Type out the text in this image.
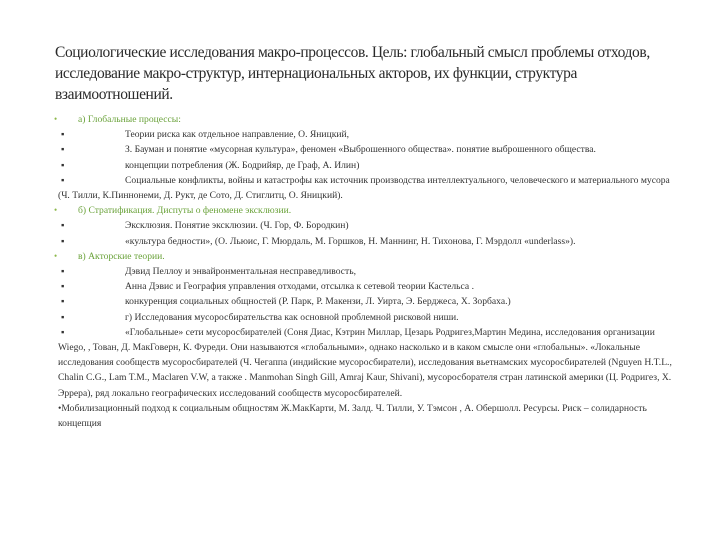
Социологические исследования макро-процессов. Цель: глобальный смысл проблемы отходов, исследование макро-структур, интернациональных акторов, их функции, структура взаимоотношений.
• а) Глобальные процессы:
▪	Теории риска как отдельное направление, О. Яницкий,
▪	З. Бауман и понятие «мусорная культура», феномен «Выброшенного общества». понятие выброшенного общества.
▪	концепции потребления (Ж. Бодрийяр, де Граф, А. Илин)
▪	Социальные конфликты, войны и катастрофы как источник производства интеллектуального, человеческого и материального мусора (Ч. Тилли, К.Пиннонеми, Д. Рукт, де Сото, Д. Стиглитц, О. Яницкий).
• б) Стратификация. Диспуты о феномене эксклюзии.
▪	Эксклюзия. Понятие эксклюзии. (Ч. Гор, Ф. Бородкин)
▪	«культура бедности», (О. Льюис, Г. Мюрдаль, М. Горшков, Н. Маннинг, Н. Тихонова, Г. Мэрдолл «underlass»).
• в) Акторские теории.
▪	Дэвид Пеллоу и энвайронментальная несправедливость,
▪	Анна Дэвис и География управления отходами, отсылка к сетевой теории Кастельса .
▪	конкуренция социальных общностей (Р. Парк, Р. Макензи, Л. Уирта, Э. Берджеса, Х. Зорбаха.)
▪	г) Исследования мусоросбирательства как основной проблемной рисковой ниши.
▪	«Глобальные» сети мусоросбирателей (Соня Диас, Кэтрин Миллар, Цезарь Родригез,Мартин Медина, исследования организации Wiego, , Тован, Д. МакГоверн, К. Фуреди. Они называются «глобальными», однако насколько и в каком смысле они «глобальны». «Локальные исследования сообществ мусоросбирателей (Ч. Чегаппа (индийские мусоросбиратели), исследования вьетнамских мусоросбирателей (Nguyen H.T.L., Chalin C.G., Lam T.M., Maclaren V.W, а также . Manmohan Singh Gill, Amraj Kaur, Shivani), мусоросборателя стран латинской америки (Ц. Родригез, Х. Эррера), ряд локально географических исследований сообществ мусоросбирателей.
•Мобилизационный подход к социальным общностям Ж.МакКарти, М. Залд. Ч. Тилли, У. Тэмсон , А. Обершолл. Ресурсы. Риск – солидарность концепция
